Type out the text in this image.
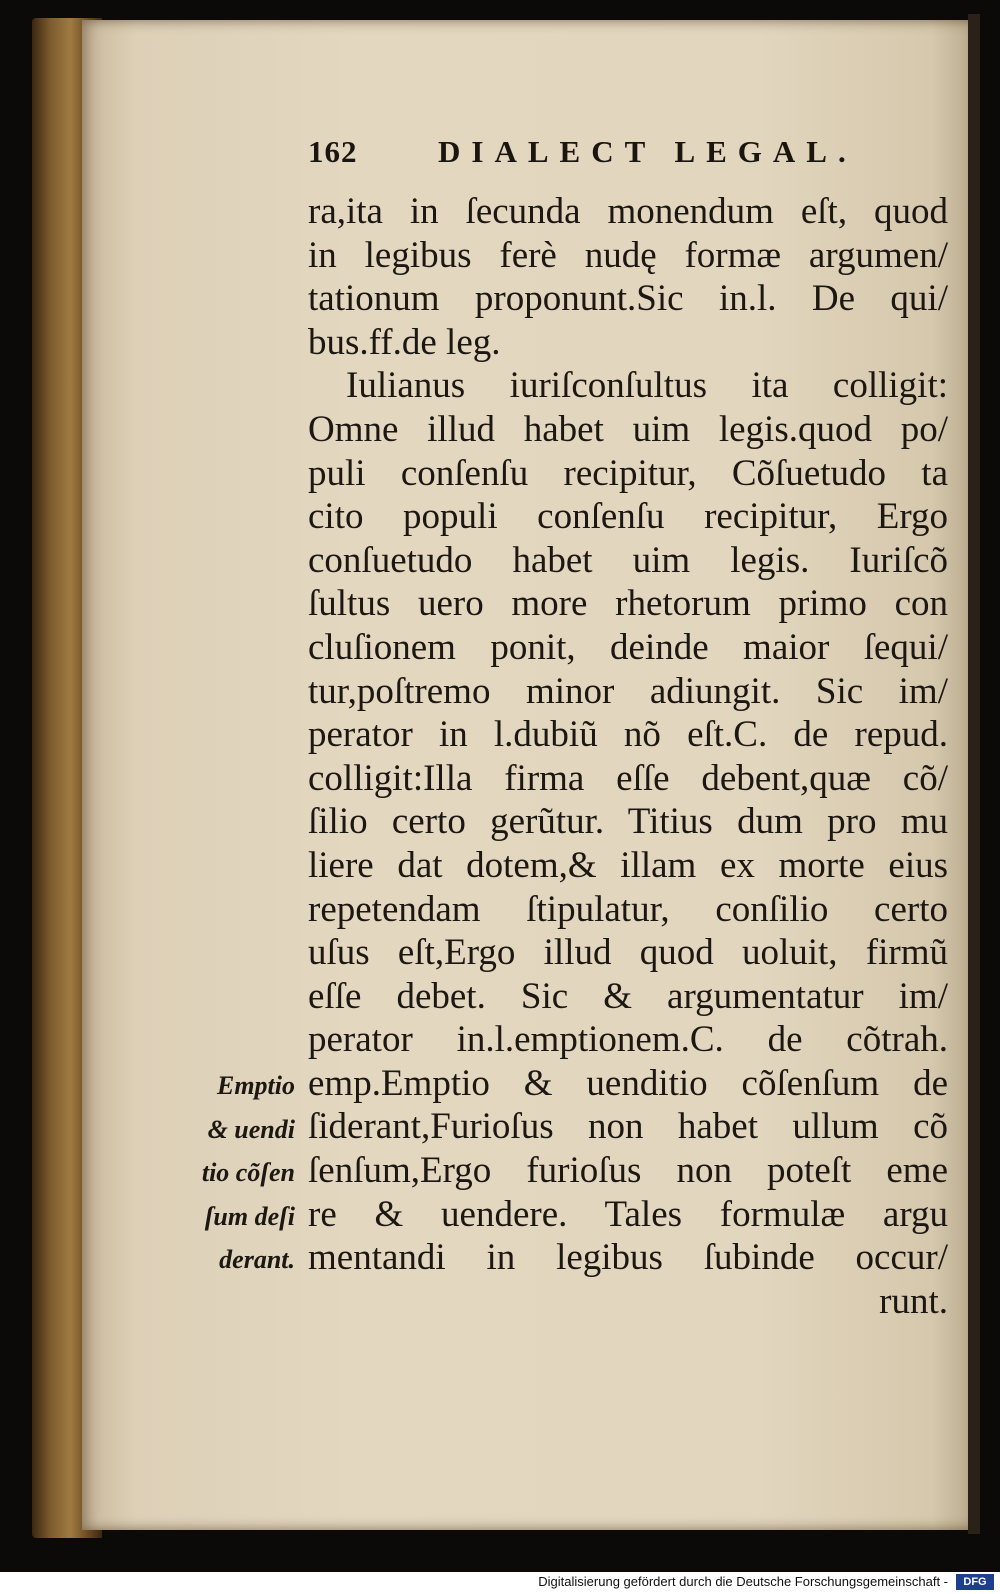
162	DIALECT LEGAL.
ra,ita in ſecunda monendum eſt, quod
in legibus ferè nudę formæ argumen/
tationum proponunt.Sic in.l. De qui/
bus.ff.de leg.
Iulianus iuriſconſultus ita colligit:
Omne illud habet uim legis.quod po/
puli conſenſu recipitur, Cõſuetudo ta
cito populi conſenſu recipitur, Ergo
conſuetudo habet uim legis. Iuriſcõ
ſultus uero more rhetorum primo con
cluſionem ponit, deinde maior ſequi/
tur,poſtremo minor adiungit. Sic im/
perator in l.dubiũ nõ eſt.C. de repud.
colligit:Illa firma eſſe debent,quæ cõ/
ſilio certo gerũtur. Titius dum pro mu
liere dat dotem,& illam ex morte eius
repetendam ſtipulatur, conſilio certo
uſus eſt,Ergo illud quod uoluit, firmũ
eſſe debet. Sic & argumentatur im/
perator in.l.emptionem.C. de cõtrah.
emp.Emptio & uenditio cõſenſum de
ſiderant,Furioſus non habet ullum cõ
ſenſum,Ergo furioſus non poteſt eme
re & uendere. Tales formulæ argu
mentandi in legibus ſubinde occur/
runt.
Emptio
& uendi
tio cõſen
ſum deſi
derant.
Digitalisierung gefördert durch die Deutsche Forschungsgemeinschaft -	DFG
